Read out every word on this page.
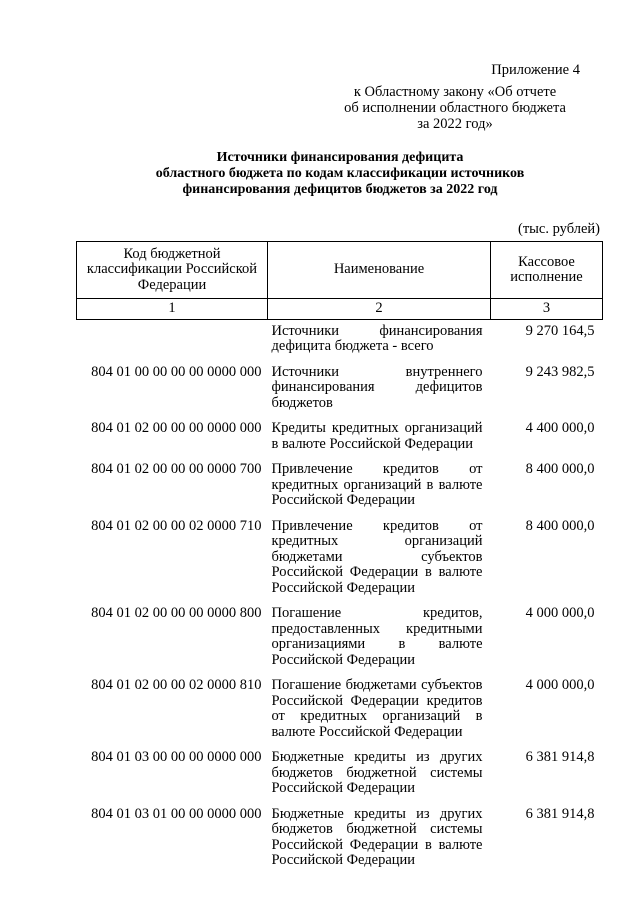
Приложение 4
к Областному закону «Об отчете
об исполнении областного бюджета
за 2022 год»
Источники финансирования дефицита
областного бюджета по кодам классификации источников
финансирования дефицитов бюджетов за 2022 год
(тыс. рублей)
Код бюджетной классификации Российской Федерации	Наименование	Кассовое исполнение
1	2	3
	Источники финансирования дефицита бюджета - всего	9 270 164,5
804 01 00 00 00 00 0000 000	Источники внутреннего финансирования дефицитов бюджетов	9 243 982,5
804 01 02 00 00 00 0000 000	Кредиты кредитных организаций в валюте Российской Федерации	4 400 000,0
804 01 02 00 00 00 0000 700	Привлечение кредитов от кредитных организаций в валюте Российской Федерации	8 400 000,0
804 01 02 00 00 02 0000 710	Привлечение кредитов от кредитных организаций бюджетами субъектов Российской Федерации в валюте Российской Федерации	8 400 000,0
804 01 02 00 00 00 0000 800	Погашение кредитов, предоставленных кредитными организациями в валюте Российской Федерации	4 000 000,0
804 01 02 00 00 02 0000 810	Погашение бюджетами субъектов Российской Федерации кредитов от кредитных организаций в валюте Российской Федерации	4 000 000,0
804 01 03 00 00 00 0000 000	Бюджетные кредиты из других бюджетов бюджетной системы Российской Федерации	6 381 914,8
804 01 03 01 00 00 0000 000	Бюджетные кредиты из других бюджетов бюджетной системы Российской Федерации в валюте Российской Федерации	6 381 914,8
